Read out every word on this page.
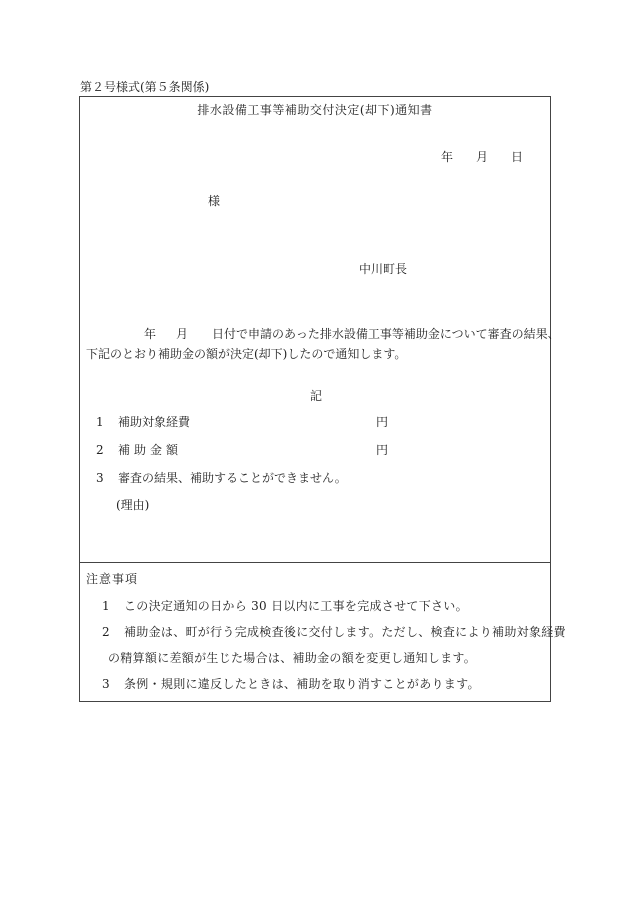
第２号様式(第５条関係)
排水設備工事等補助交付決定(却下)通知書
年 月 日
様
中川町長
年 月 日付で申請のあった排水設備工事等補助金について審査の結果、
下記のとおり補助金の額が決定(却下)したので通知します。
記
1 補助対象経費	円
2 補助金額	円
3 審査の結果、補助することができません。
(理由)
注意事項
1 この決定通知の日から 30 日以内に工事を完成させて下さい。
2 補助金は、町が行う完成検査後に交付します。ただし、検査により補助対象経費
の精算額に差額が生じた場合は、補助金の額を変更し通知します。
3 条例・規則に違反したときは、補助を取り消すことがあります。
